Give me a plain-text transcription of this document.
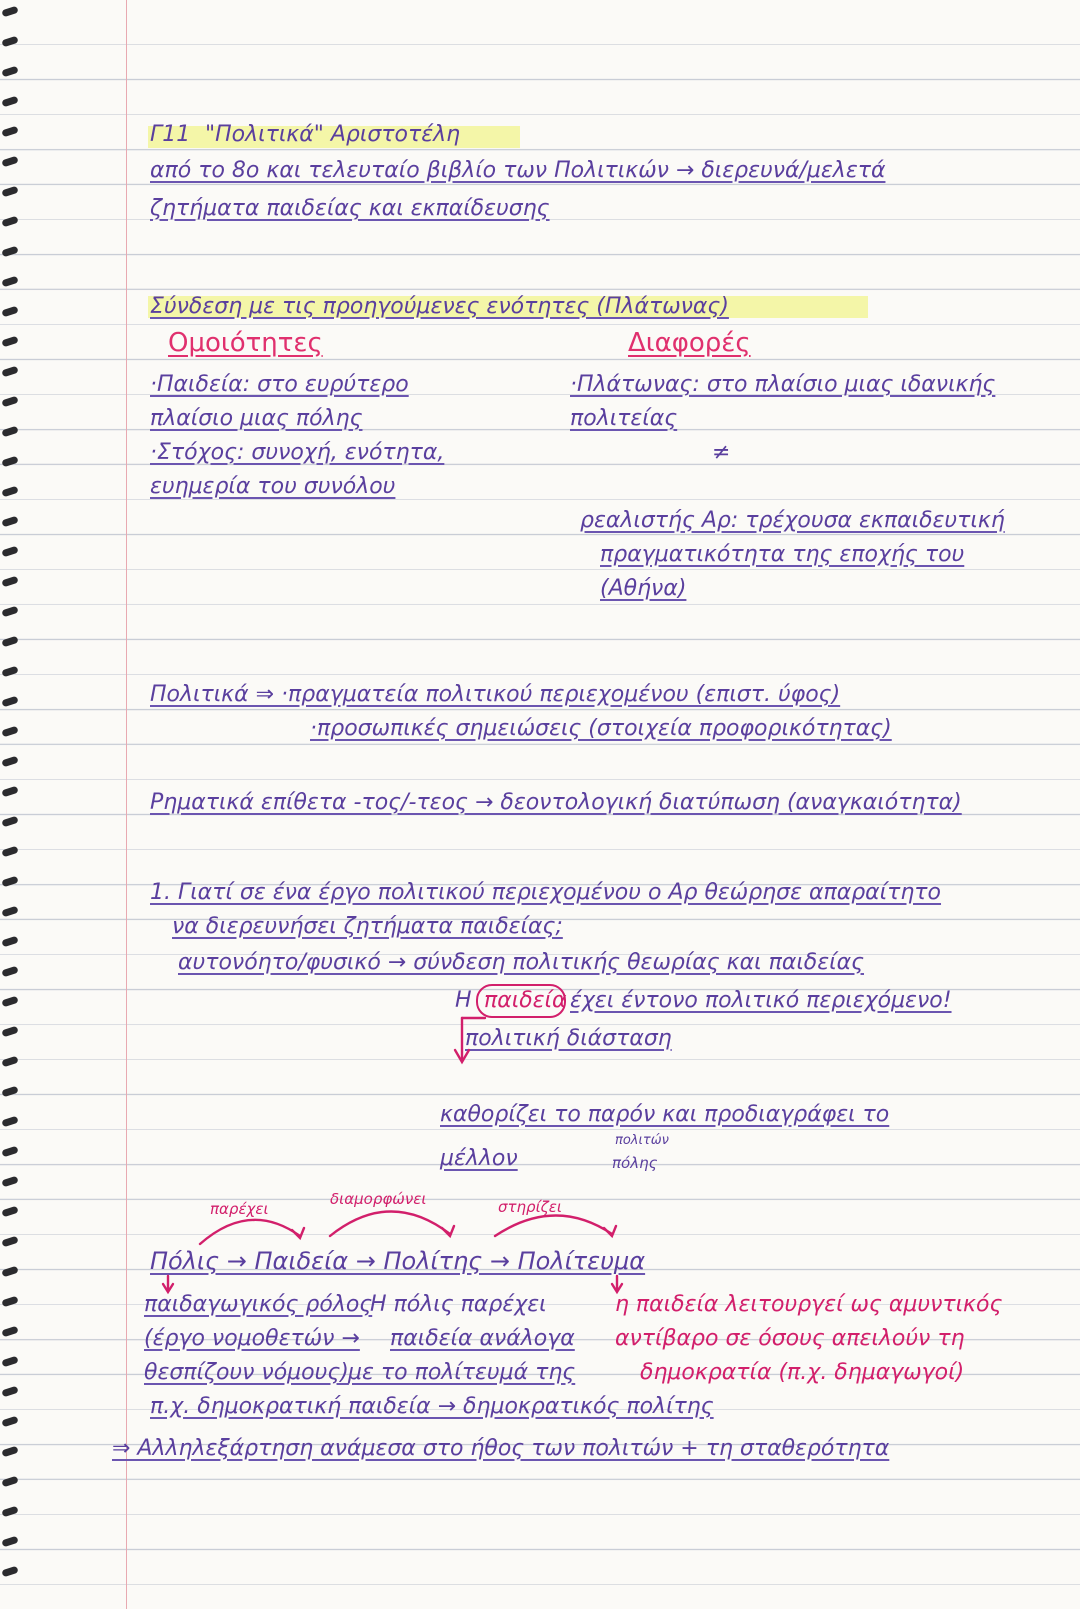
Γ11 "Πολιτικά" Αριστοτέλη
από το 8ο και τελευταίο βιβλίο των Πολιτικών → διερευνά/μελετά
ζητήματα παιδείας και εκπαίδευσης
Σύνδεση με τις προηγούμενες ενότητες (Πλάτωνας)
Ομοιότητες	Διαφορές
·Παιδεία: στο ευρύτερο
πλαίσιο μιας πόλης
·Στόχος: συνοχή, ενότητα,
ευημερία του συνόλου
·Πλάτωνας: στο πλαίσιο μιας ιδανικής
πολιτείας
≠
ρεαλιστής Αρ: τρέχουσα εκπαιδευτική
πραγματικότητα της εποχής του
(Αθήνα)
Πολιτικά ⇒ ·πραγματεία πολιτικού περιεχομένου (επιστ. ύφος)
·προσωπικές σημειώσεις (στοιχεία προφορικότητας)
Ρηματικά επίθετα -τος/-τεος → δεοντολογική διατύπωση (αναγκαιότητα)
1. Γιατί σε ένα έργο πολιτικού περιεχομένου ο Αρ θεώρησε απαραίτητο
να διερευνήσει ζητήματα παιδείας;
αυτονόητο/φυσικό → σύνδεση πολιτικής θεωρίας και παιδείας
Η παιδεία έχει έντονο πολιτικό περιεχόμενο!
πολιτική διάσταση
καθορίζει το παρόν και προδιαγράφει το
μέλλον
πολιτών
πόλης
παρέχει
διαμορφώνει	στηρίζει
Πόλις → Παιδεία → Πολίτης → Πολίτευμα
παιδαγωγικός ρόλος
(έργο νομοθετών →
θεσπίζουν νόμους)
Η πόλις παρέχει
παιδεία ανάλογα
με το πολίτευμά της
η παιδεία λειτουργεί ως αμυντικός
αντίβαρο σε όσους απειλούν τη
δημοκρατία (π.χ. δημαγωγοί)
π.χ. δημοκρατική παιδεία → δημοκρατικός πολίτης
⇒ Αλληλεξάρτηση ανάμεσα στο ήθος των πολιτών + τη σταθερότητα
